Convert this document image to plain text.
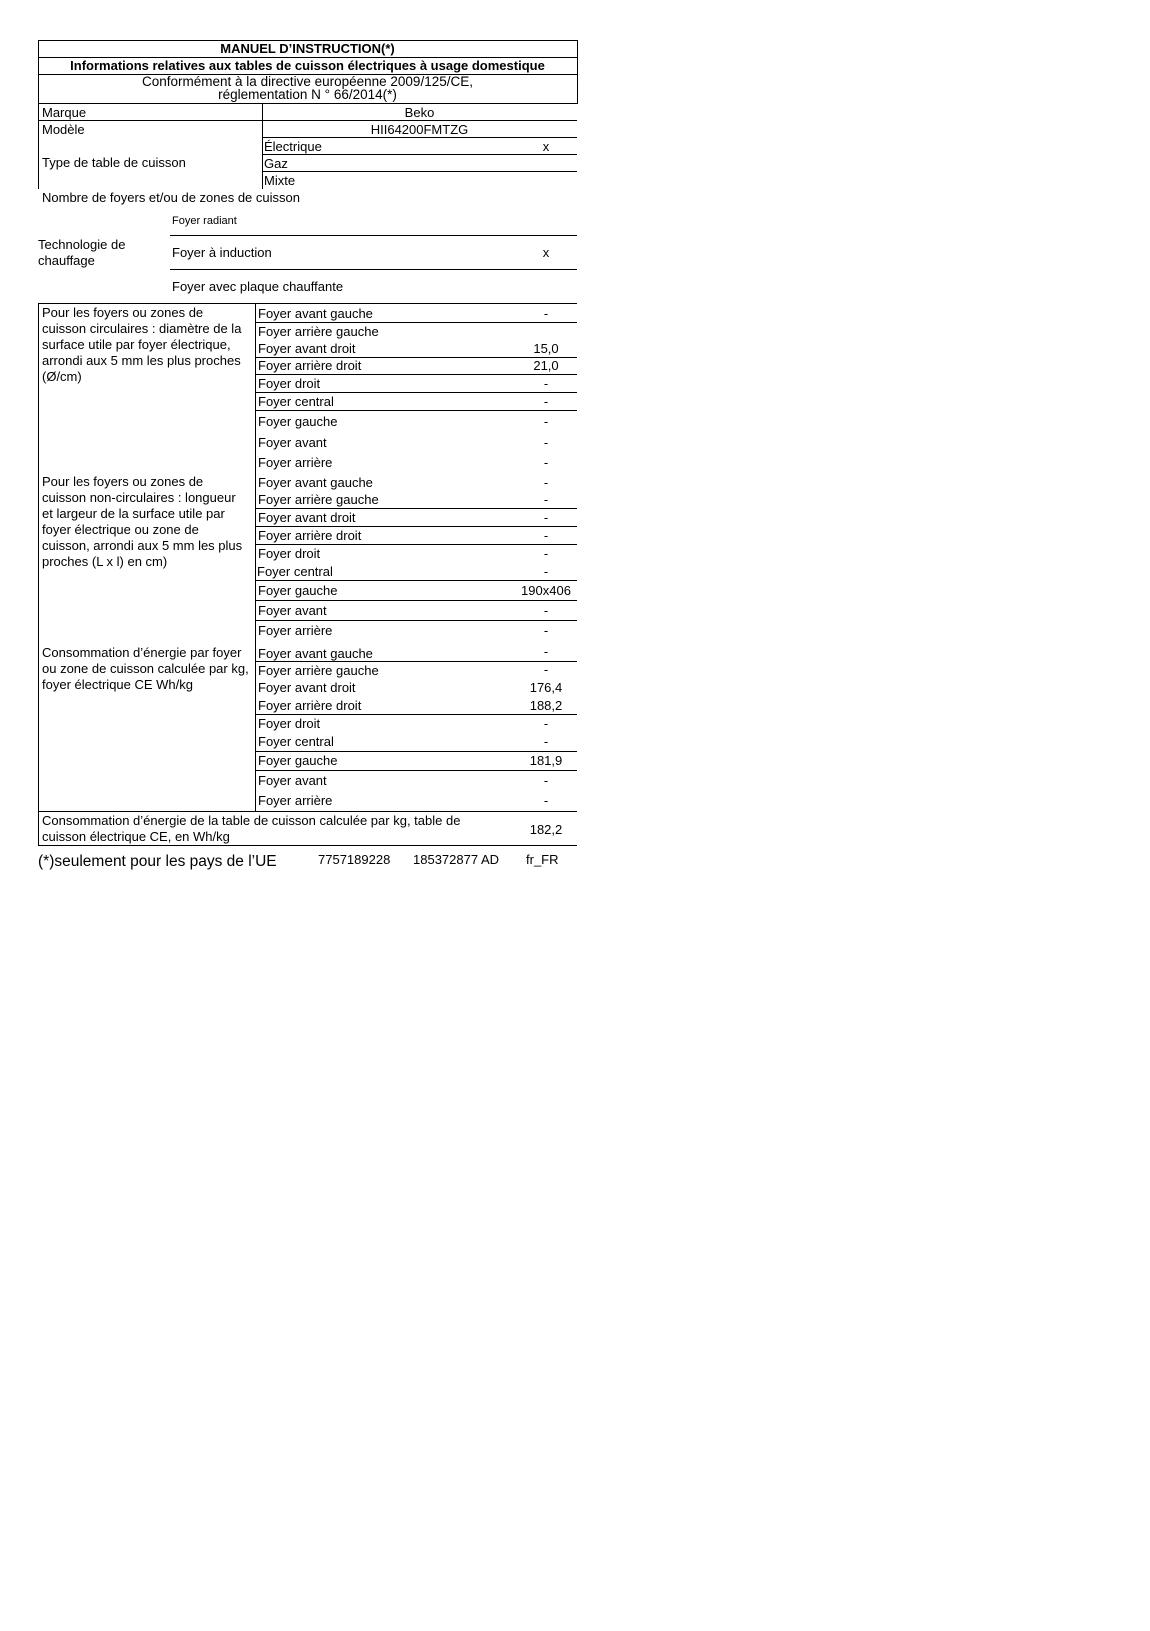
MANUEL D’INSTRUCTION(*)
Informations relatives aux tables de cuisson électriques à usage domestique
Conformément à la directive européenne 2009/125/CE,
réglementation N ° 66/2014(*)
Marque	Beko
Modèle	HII64200FMTZG
Type de table de cuisson
Électrique	x
Gaz
Mixte
Nombre de foyers et/ou de zones de cuisson
Foyer radiant
Technologie de
chauffage
Foyer à induction	x
Foyer avec plaque chauffante
Pour les foyers ou zones de cuisson circulaires : diamètre de la surface utile par foyer électrique, arrondi aux 5 mm les plus proches (Ø/cm)
Foyer avant gauche	-
Foyer arrière gauche
Foyer avant droit	15,0
Foyer arrière droit	21,0
Foyer droit	-
Foyer central	-
Foyer gauche	-
Foyer avant	-
Foyer arrière	-
Pour les foyers ou zones de cuisson non-circulaires : longueur et largeur de la surface utile par foyer électrique ou zone de cuisson, arrondi aux 5 mm les plus proches (L x l) en cm)
Foyer avant gauche	-
Foyer arrière gauche	-
Foyer avant droit	-
Foyer arrière droit	-
Foyer droit	-
Foyer central	-
Foyer gauche	190x406
Foyer avant	-
Foyer arrière	-
Consommation d’énergie par foyer ou zone de cuisson calculée par kg, foyer électrique CE Wh/kg
Foyer avant gauche	-
Foyer arrière gauche	-
Foyer avant droit	176,4
Foyer arrière droit	188,2
Foyer droit	-
Foyer central	-
Foyer gauche	181,9
Foyer avant	-
Foyer arrière	-
Consommation d’énergie de la table de cuisson calculée par kg, table de
cuisson électrique CE, en Wh/kg	182,2
(*)seulement pour les pays de l’UE	7757189228 185372877 AD fr_FR
